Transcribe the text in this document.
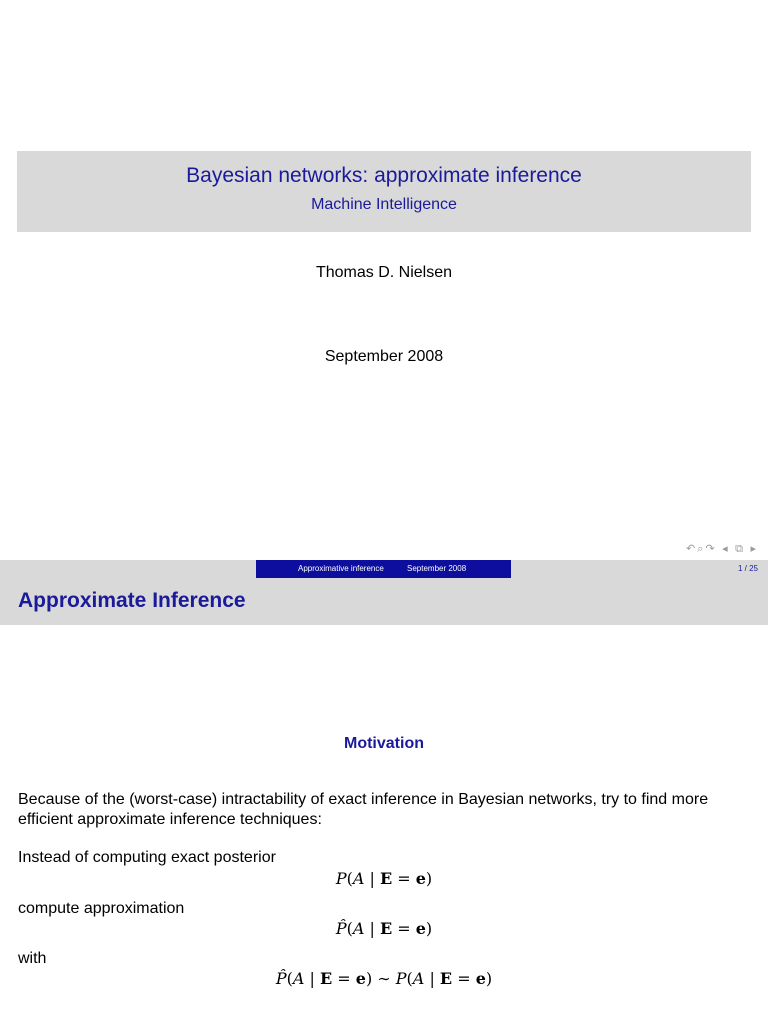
Bayesian networks: approximate inference
Machine Intelligence
Thomas D. Nielsen
September 2008
↶⌕↷ ◂ ⧉ ▸
Approximative inference	September 2008	1 / 25
Approximate Inference
Motivation
Because of the (worst-case) intractability of exact inference in Bayesian networks, try to find more
efficient approximate inference techniques:
Instead of computing exact posterior
P(A | E = e)
compute approximation
P̂(A | E = e)
with
P̂(A | E = e) ∼ P(A | E = e)
